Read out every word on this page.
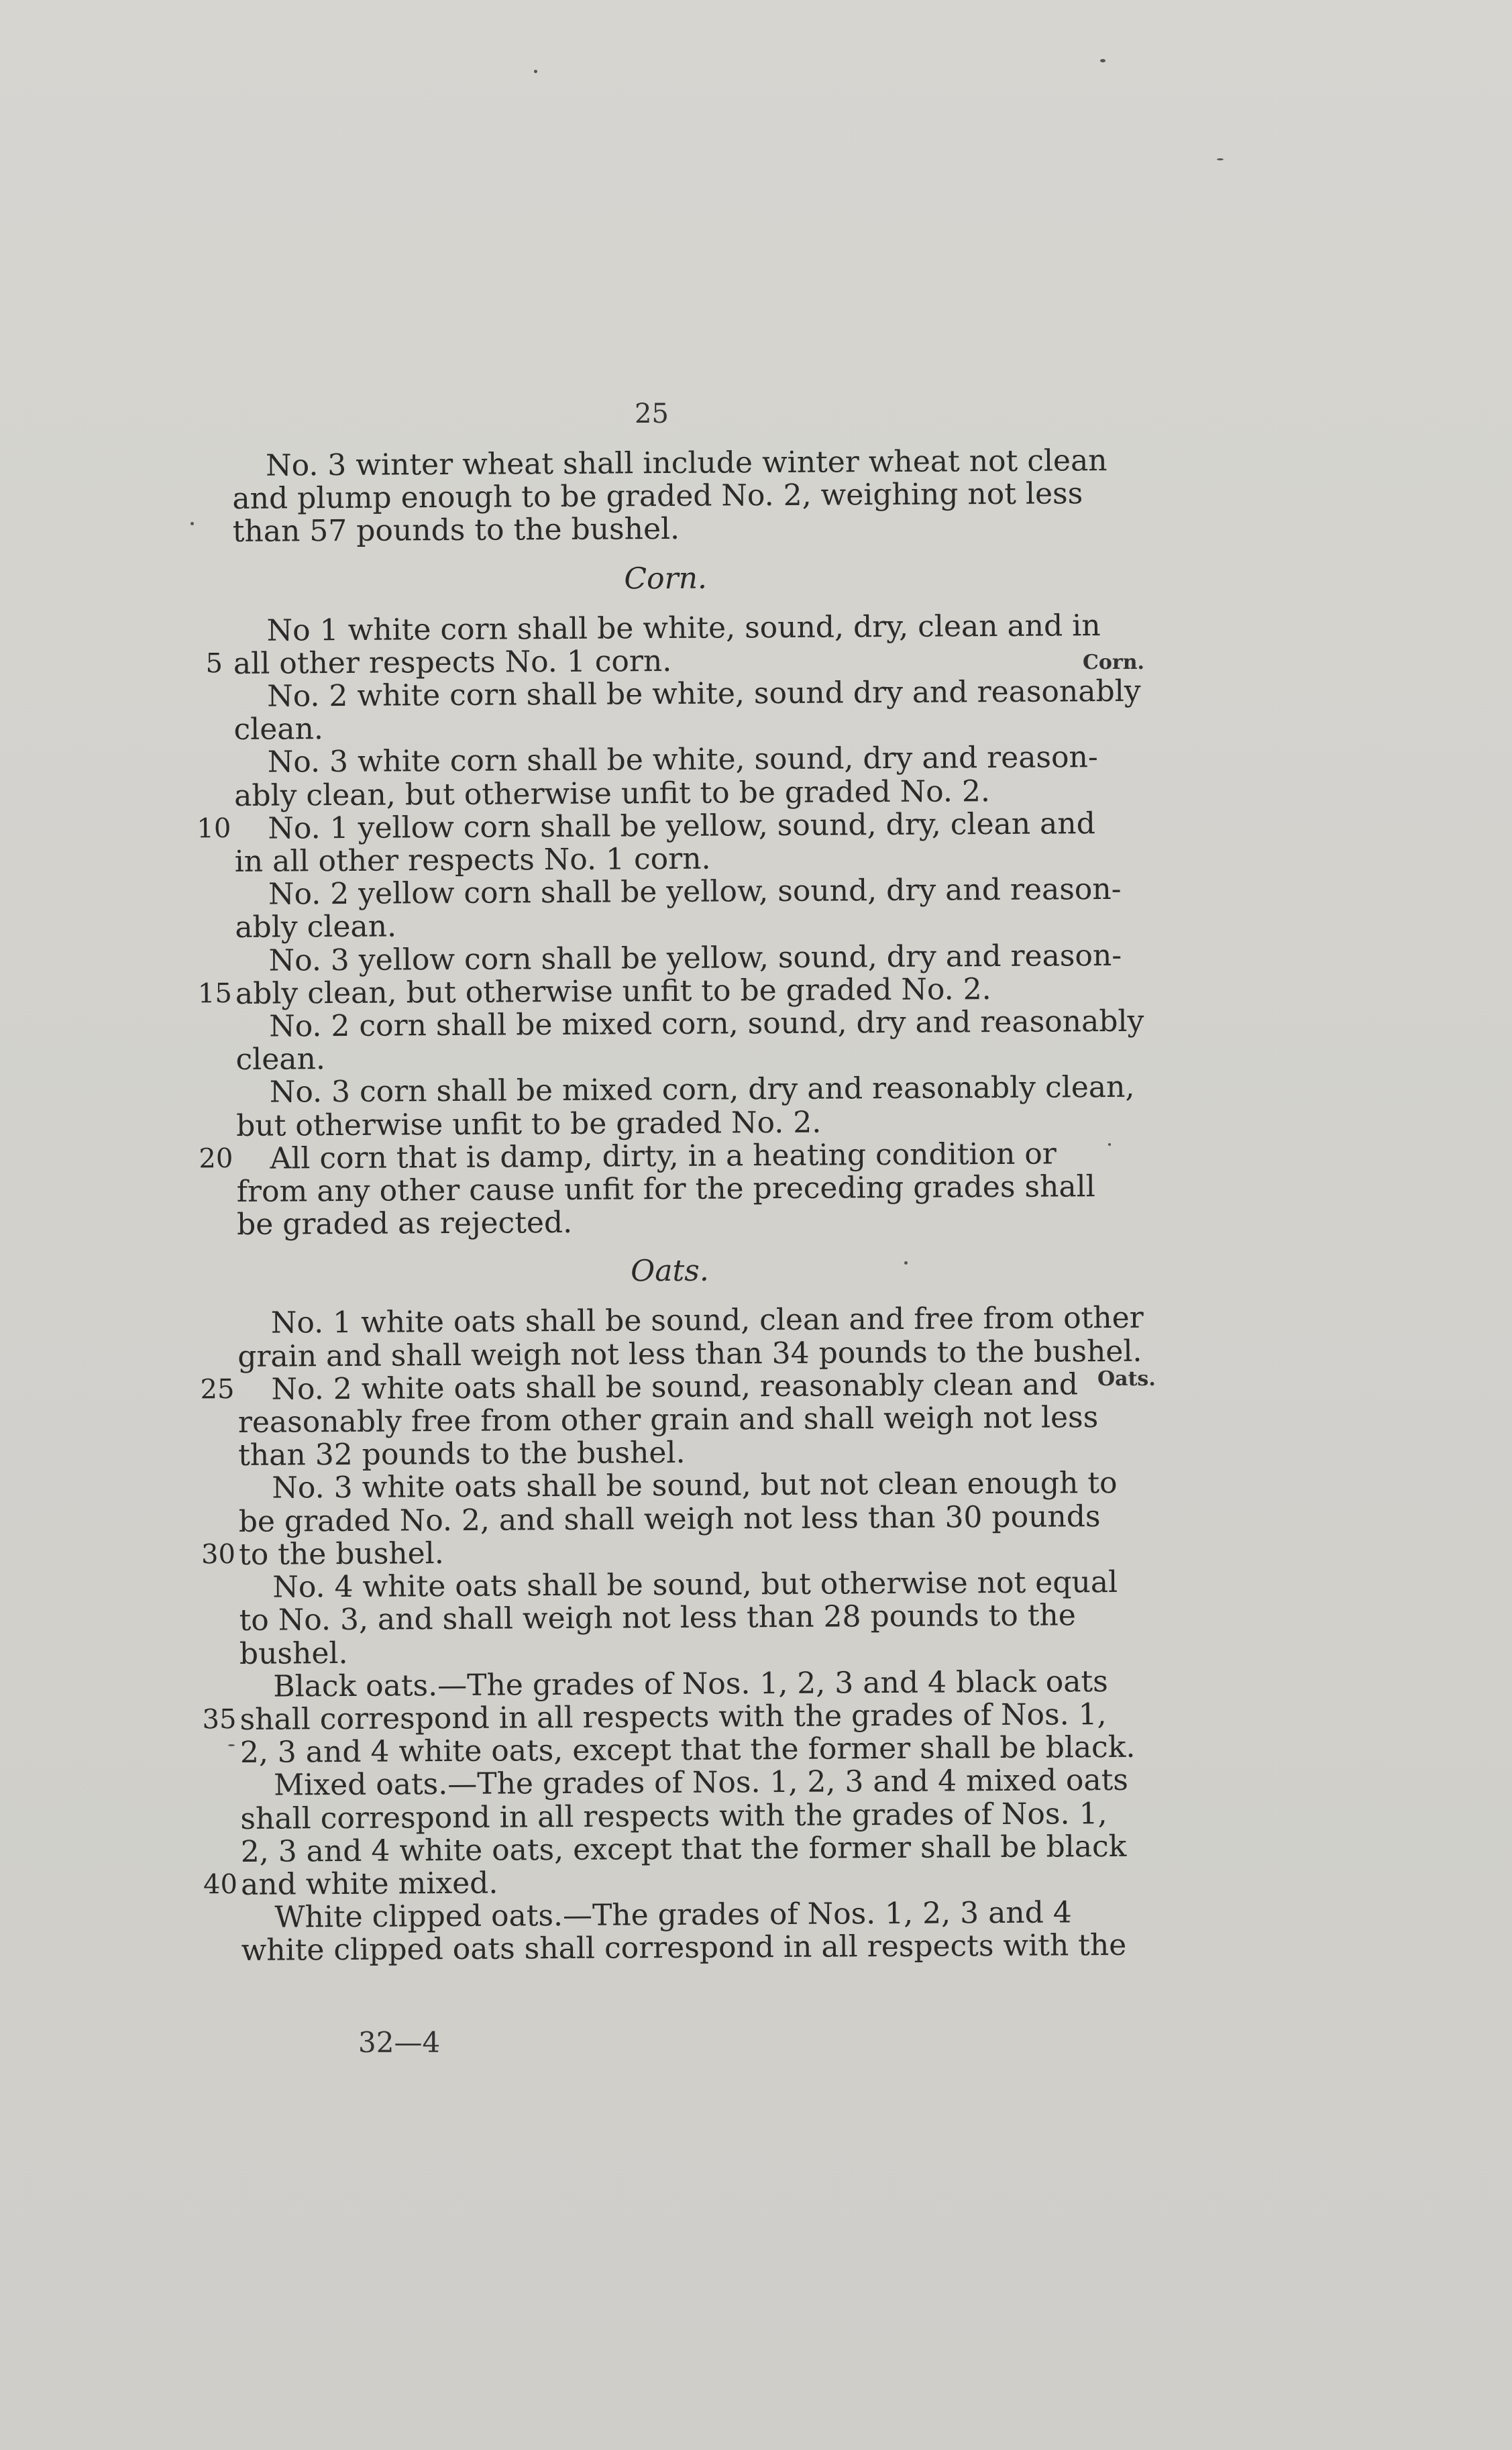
25
No. 3 winter wheat shall include winter wheat not clean
and plump enough to be graded No. 2, weighing not less
than 57 pounds to the bushel.
Corn.
No 1 white corn shall be white, sound, dry, clean and in
5 all other respects No. 1 corn.
No. 2 white corn shall be white, sound dry and reasonably
clean.
No. 3 white corn shall be white, sound, dry and reason-
ably clean, but otherwise unfit to be graded No. 2.
10 No. 1 yellow corn shall be yellow, sound, dry, clean and
in all other respects No. 1 corn.
No. 2 yellow corn shall be yellow, sound, dry and reason-
ably clean.
No. 3 yellow corn shall be yellow, sound, dry and reason-
15 ably clean, but otherwise unfit to be graded No. 2.
No. 2 corn shall be mixed corn, sound, dry and reasonably
clean.
No. 3 corn shall be mixed corn, dry and reasonably clean,
but otherwise unfit to be graded No. 2.
20 All corn that is damp, dirty, in a heating condition or
from any other cause unfit for the preceding grades shall
be graded as rejected.
Oats.
No. 1 white oats shall be sound, clean and free from other
grain and shall weigh not less than 34 pounds to the bushel.
25 No. 2 white oats shall be sound, reasonably clean and
reasonably free from other grain and shall weigh not less
than 32 pounds to the bushel.
No. 3 white oats shall be sound, but not clean enough to
be graded No. 2, and shall weigh not less than 30 pounds
30 to the bushel.
No. 4 white oats shall be sound, but otherwise not equal
to No. 3, and shall weigh not less than 28 pounds to the
bushel.
Black oats.—The grades of Nos. 1, 2, 3 and 4 black oats
35 shall correspond in all respects with the grades of Nos. 1,
2, 3 and 4 white oats, except that the former shall be black.
Mixed oats.—The grades of Nos. 1, 2, 3 and 4 mixed oats
shall correspond in all respects with the grades of Nos. 1,
2, 3 and 4 white oats, except that the former shall be black
40 and white mixed.
White clipped oats.—The grades of Nos. 1, 2, 3 and 4
white clipped oats shall correspond in all respects with the
Corn.
Oats.
32—4
